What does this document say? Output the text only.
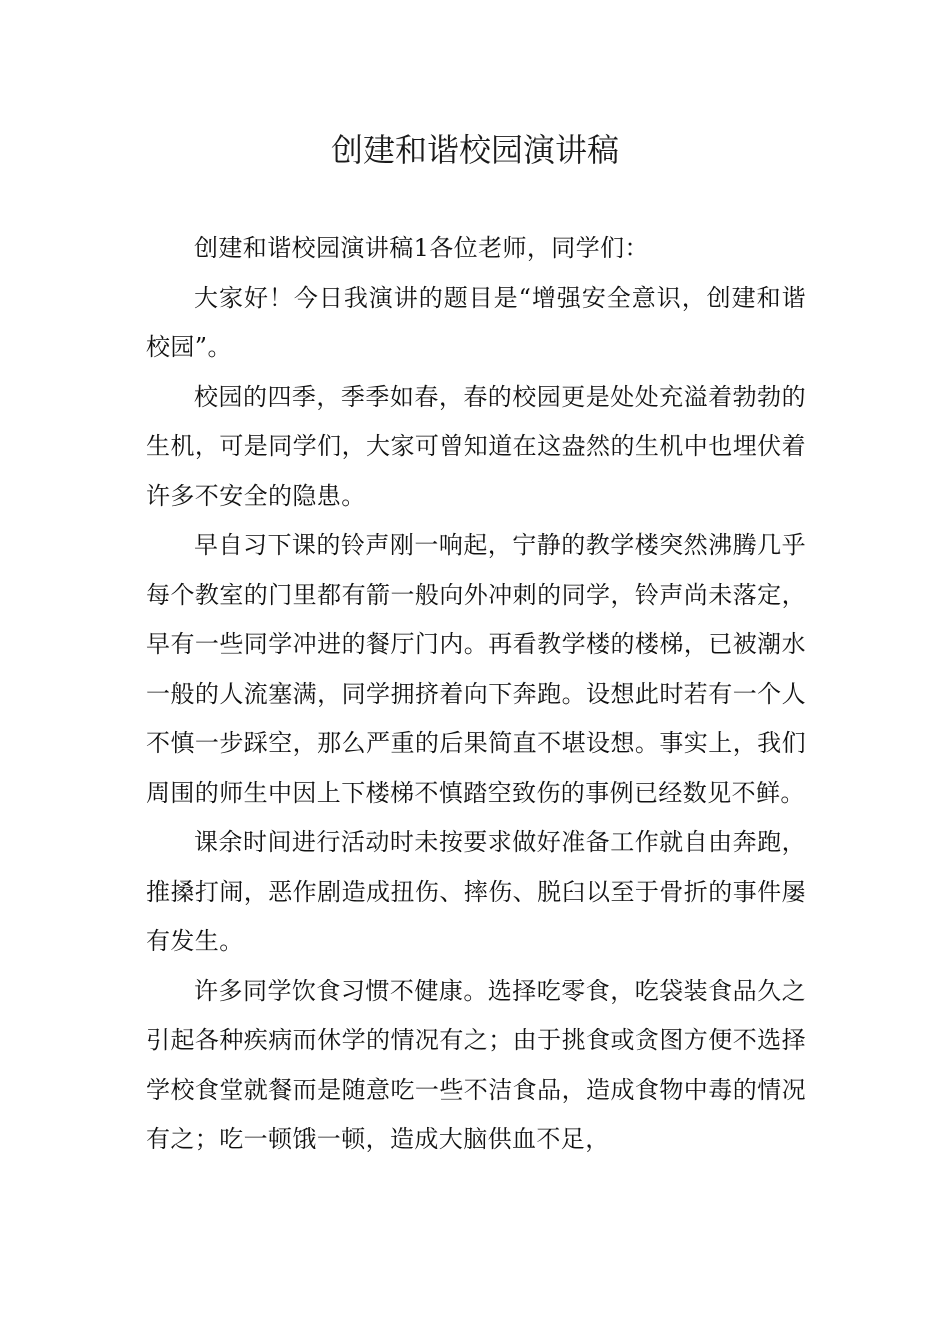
创建和谐校园演讲稿

创建和谐校园演讲稿1各位老师，同学们：

大家好！今日我演讲的题目是“增强安全意识，创建和谐校园”。

校园的四季，季季如春，春的校园更是处处充溢着勃勃的生机，可是同学们，大家可曾知道在这盎然的生机中也埋伏着许多不安全的隐患。

早自习下课的铃声刚一响起，宁静的教学楼突然沸腾几乎每个教室的门里都有箭一般向外冲刺的同学，铃声尚未落定，早有一些同学冲进的餐厅门内。再看教学楼的楼梯，已被潮水一般的人流塞满，同学拥挤着向下奔跑。设想此时若有一个人不慎一步踩空，那么严重的后果简直不堪设想。事实上，我们周围的师生中因上下楼梯不慎踏空致伤的事例已经数见不鲜。

课余时间进行活动时未按要求做好准备工作就自由奔跑，推搡打闹，恶作剧造成扭伤、摔伤、脱臼以至于骨折的事件屡有发生。

许多同学饮食习惯不健康。选择吃零食，吃袋装食品久之引起各种疾病而休学的情况有之；由于挑食或贪图方便不选择学校食堂就餐而是随意吃一些不洁食品，造成食物中毒的情况有之；吃一顿饿一顿，造成大脑供血不足，
